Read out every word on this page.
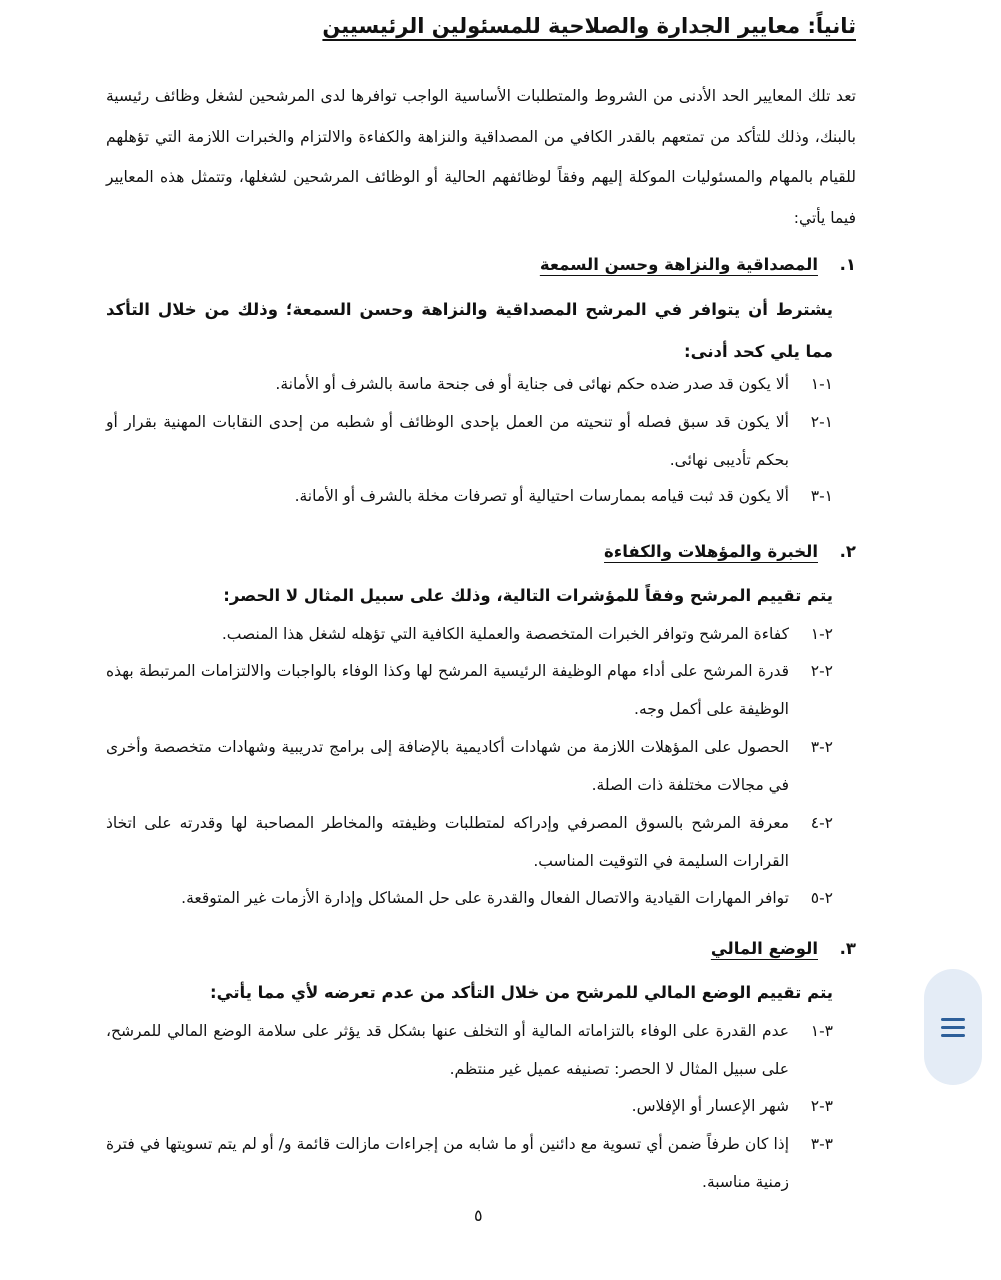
ثانياً: معايير الجدارة والصلاحية للمسئولين الرئيسيين

تعد تلك المعايير الحد الأدنى من الشروط والمتطلبات الأساسية الواجب توافرها لدى المرشحين لشغل وظائف رئيسية بالبنك، وذلك للتأكد من تمتعهم بالقدر الكافي من المصداقية والنزاهة والكفاءة والالتزام والخبرات اللازمة التي تؤهلهم للقيام بالمهام والمسئوليات الموكلة إليهم وفقاً لوظائفهم الحالية أو الوظائف المرشحين لشغلها، وتتمثل هذه المعايير فيما يأتي:

١.المصداقية والنزاهة وحسن السمعة

يشترط أن يتوافر في المرشح المصداقية والنزاهة وحسن السمعة؛ وذلك من خلال التأكد مما يلي كحد أدنى:

١-١

ألا يكون قد صدر ضده حكم نهائى فى جناية أو فى جنحة ماسة بالشرف أو الأمانة.

١-٢

ألا يكون قد سبق فصله أو تنحيته من العمل بإحدى الوظائف أو شطبه من إحدى النقابات المهنية بقرار أو بحكم تأديبى نهائى.

١-٣

ألا يكون قد ثبت قيامه بممارسات احتيالية أو تصرفات مخلة بالشرف أو الأمانة.

٢.الخبرة والمؤهلات والكفاءة

يتم تقييم المرشح وفقاً للمؤشرات التالية، وذلك على سبيل المثال لا الحصر:

٢-١

كفاءة المرشح وتوافر الخبرات المتخصصة والعملية الكافية التي تؤهله لشغل هذا المنصب.

٢-٢

قدرة المرشح على أداء مهام الوظيفة الرئيسية المرشح لها وكذا الوفاء بالواجبات والالتزامات المرتبطة بهذه الوظيفة على أكمل وجه.

٢-٣

الحصول على المؤهلات اللازمة من شهادات أكاديمية بالإضافة إلى برامج تدريبية وشهادات متخصصة وأخرى في مجالات مختلفة ذات الصلة.

٢-٤

معرفة المرشح بالسوق المصرفي وإدراكه لمتطلبات وظيفته والمخاطر المصاحبة لها وقدرته على اتخاذ القرارات السليمة في التوقيت المناسب.

٢-٥

توافر المهارات القيادية والاتصال الفعال والقدرة على حل المشاكل وإدارة الأزمات غير المتوقعة.

٣.الوضع المالي

يتم تقييم الوضع المالي للمرشح من خلال التأكد من عدم تعرضه لأي مما يأتي:

٣-١

عدم القدرة على الوفاء بالتزاماته المالية أو التخلف عنها بشكل قد يؤثر على سلامة الوضع المالي للمرشح، على سبيل المثال لا الحصر: تصنيفه عميل غير منتظم.

٣-٢

شهر الإعسار أو الإفلاس.

٣-٣

إذا كان طرفاً ضمن أي تسوية مع دائنين أو ما شابه من إجراءات مازالت قائمة و/ أو لم يتم تسويتها في فترة زمنية مناسبة.

٥
